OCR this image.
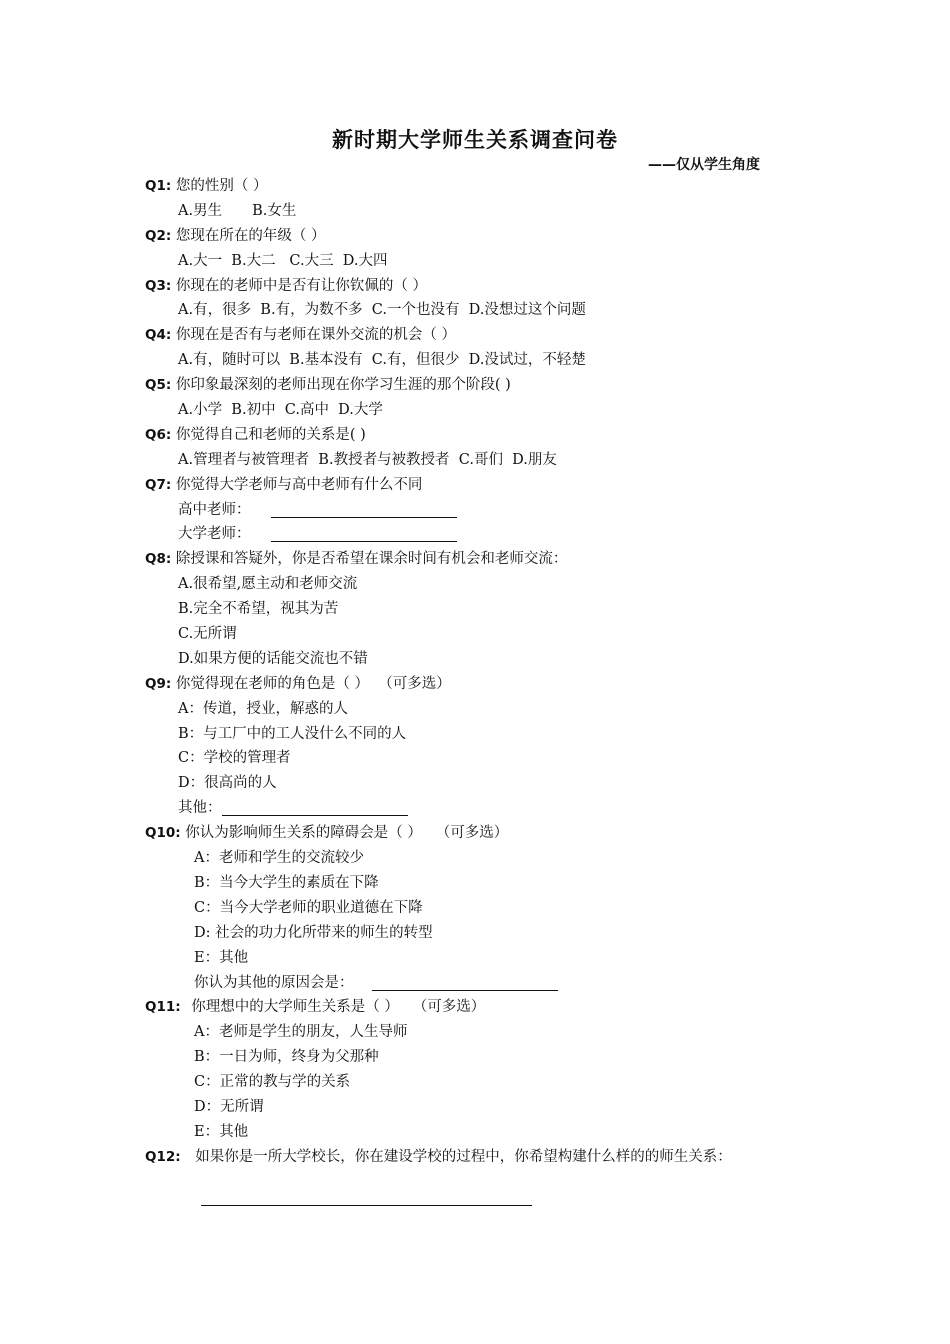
新时期大学师生关系调查问卷
——仅从学生角度
Q1: 您的性别（ ）
A.男生 B.女生
Q2: 您现在所在的年级（ ）
A.大一  B.大二   C.大三  D.大四
Q3: 你现在的老师中是否有让你钦佩的（ ）
A.有，很多  B.有，为数不多  C.一个也没有  D.没想过这个问题
Q4: 你现在是否有与老师在课外交流的机会（ ）
A.有，随时可以  B.基本没有  C.有，但很少  D.没试过，不轻楚
Q5: 你印象最深刻的老师出现在你学习生涯的那个阶段( )
A.小学  B.初中  C.高中  D.大学
Q6: 你觉得自己和老师的关系是( )
A.管理者与被管理者  B.教授者与被教授者  C.哥们  D.朋友
Q7: 你觉得大学老师与高中老师有什么不同
高中老师：
大学老师：
Q8: 除授课和答疑外，你是否希望在课余时间有机会和老师交流：
A.很希望,愿主动和老师交流
B.完全不希望，视其为苦
C.无所谓
D.如果方便的话能交流也不错
Q9: 你觉得现在老师的角色是（ ）  （可多选）
A：传道，授业，解惑的人
B：与工厂中的工人没什么不同的人
C：学校的管理者
D：很高尚的人
其他：
Q10: 你认为影响师生关系的障碍会是（ ）   （可多选）
A：老师和学生的交流较少
B：当今大学生的素质在下降
C：当今大学老师的职业道德在下降
D: 社会的功力化所带来的师生的转型
E：其他
你认为其他的原因会是：
Q11: 你理想中的大学师生关系是（ ）   （可多选）
A：老师是学生的朋友，人生导师
B：一日为师，终身为父那种
C：正常的教与学的关系
D：无所谓
E：其他
Q12: 如果你是一所大学校长，你在建设学校的过程中，你希望构建什么样的的师生关系：
